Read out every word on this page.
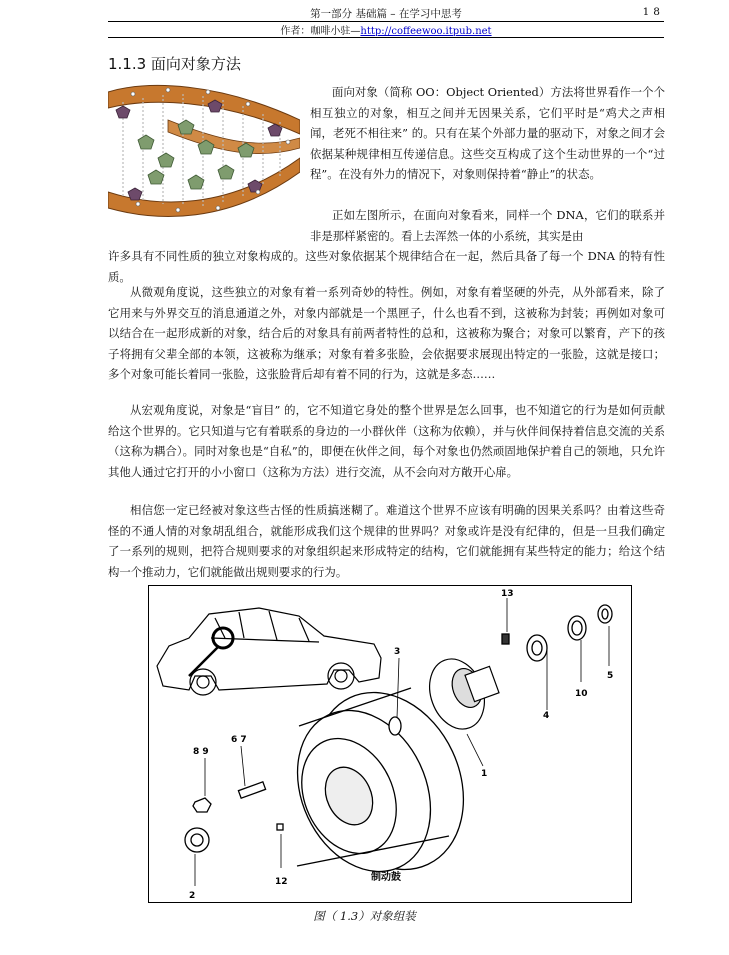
第一部分 基础篇 – 在学习中思考	18
作者：咖啡小驻—http://coffeewoo.itpub.net
1.1.3 面向对象方法

面向对象（简称 OO：Object Oriented）方法将世界看作一个个相互独立的对象，相互之间并无因果关系，它们平时是“鸡犬之声相闻，老死不相往来” 的。只有在某个外部力量的驱动下，对象之间才会依据某种规律相互传递信息。这些交互构成了这个生动世界的一个“过程”。在没有外力的情况下，对象则保持着“静止”的状态。

正如左图所示，在面向对象看来，同样一个 DNA，它们的联系并非是那样紧密的。看上去浑然一体的小系统，其实是由

许多具有不同性质的独立对象构成的。这些对象依据某个规律结合在一起，然后具备了每一个 DNA 的特有性质。

从微观角度说，这些独立的对象有着一系列奇妙的特性。例如，对象有着坚硬的外壳，从外部看来，除了它用来与外界交互的消息通道之外，对象内部就是一个黑匣子，什么也看不到，这被称为封装；再例如对象可以结合在一起形成新的对象，结合后的对象具有前两者特性的总和，这被称为聚合；对象可以繁育，产下的孩子将拥有父辈全部的本领，这被称为继承；对象有着多张脸，会依据要求展现出特定的一张脸，这就是接口；多个对象可能长着同一张脸，这张脸背后却有着不同的行为，这就是多态……

从宏观角度说，对象是“盲目” 的，它不知道它身处的整个世界是怎么回事，也不知道它的行为是如何贡献给这个世界的。它只知道与它有着联系的身边的一小群伙伴（这称为依赖），并与伙伴间保持着信息交流的关系（这称为耦合）。同时对象也是“自私”的，即便在伙伴之间，每个对象也仍然顽固地保护着自己的领地，只允许其他人通过它打开的小小窗口（这称为方法）进行交流，从不会向对方敞开心扉。

相信您一定已经被对象这些古怪的性质搞迷糊了。难道这个世界不应该有明确的因果关系吗？由着这些奇怪的不通人情的对象胡乱组合，就能形成我们这个规律的世界吗？对象或许是没有纪律的，但是一旦我们确定了一系列的规则，把符合规则要求的对象组织起来形成特定的结构，它们就能拥有某些特定的能力；给这个结构一个推动力，它们就能做出规则要求的行为。

13
3
5
10
4
1
6 7
8 9
12
2
制动鼓
图（ 1.3）对象组装
